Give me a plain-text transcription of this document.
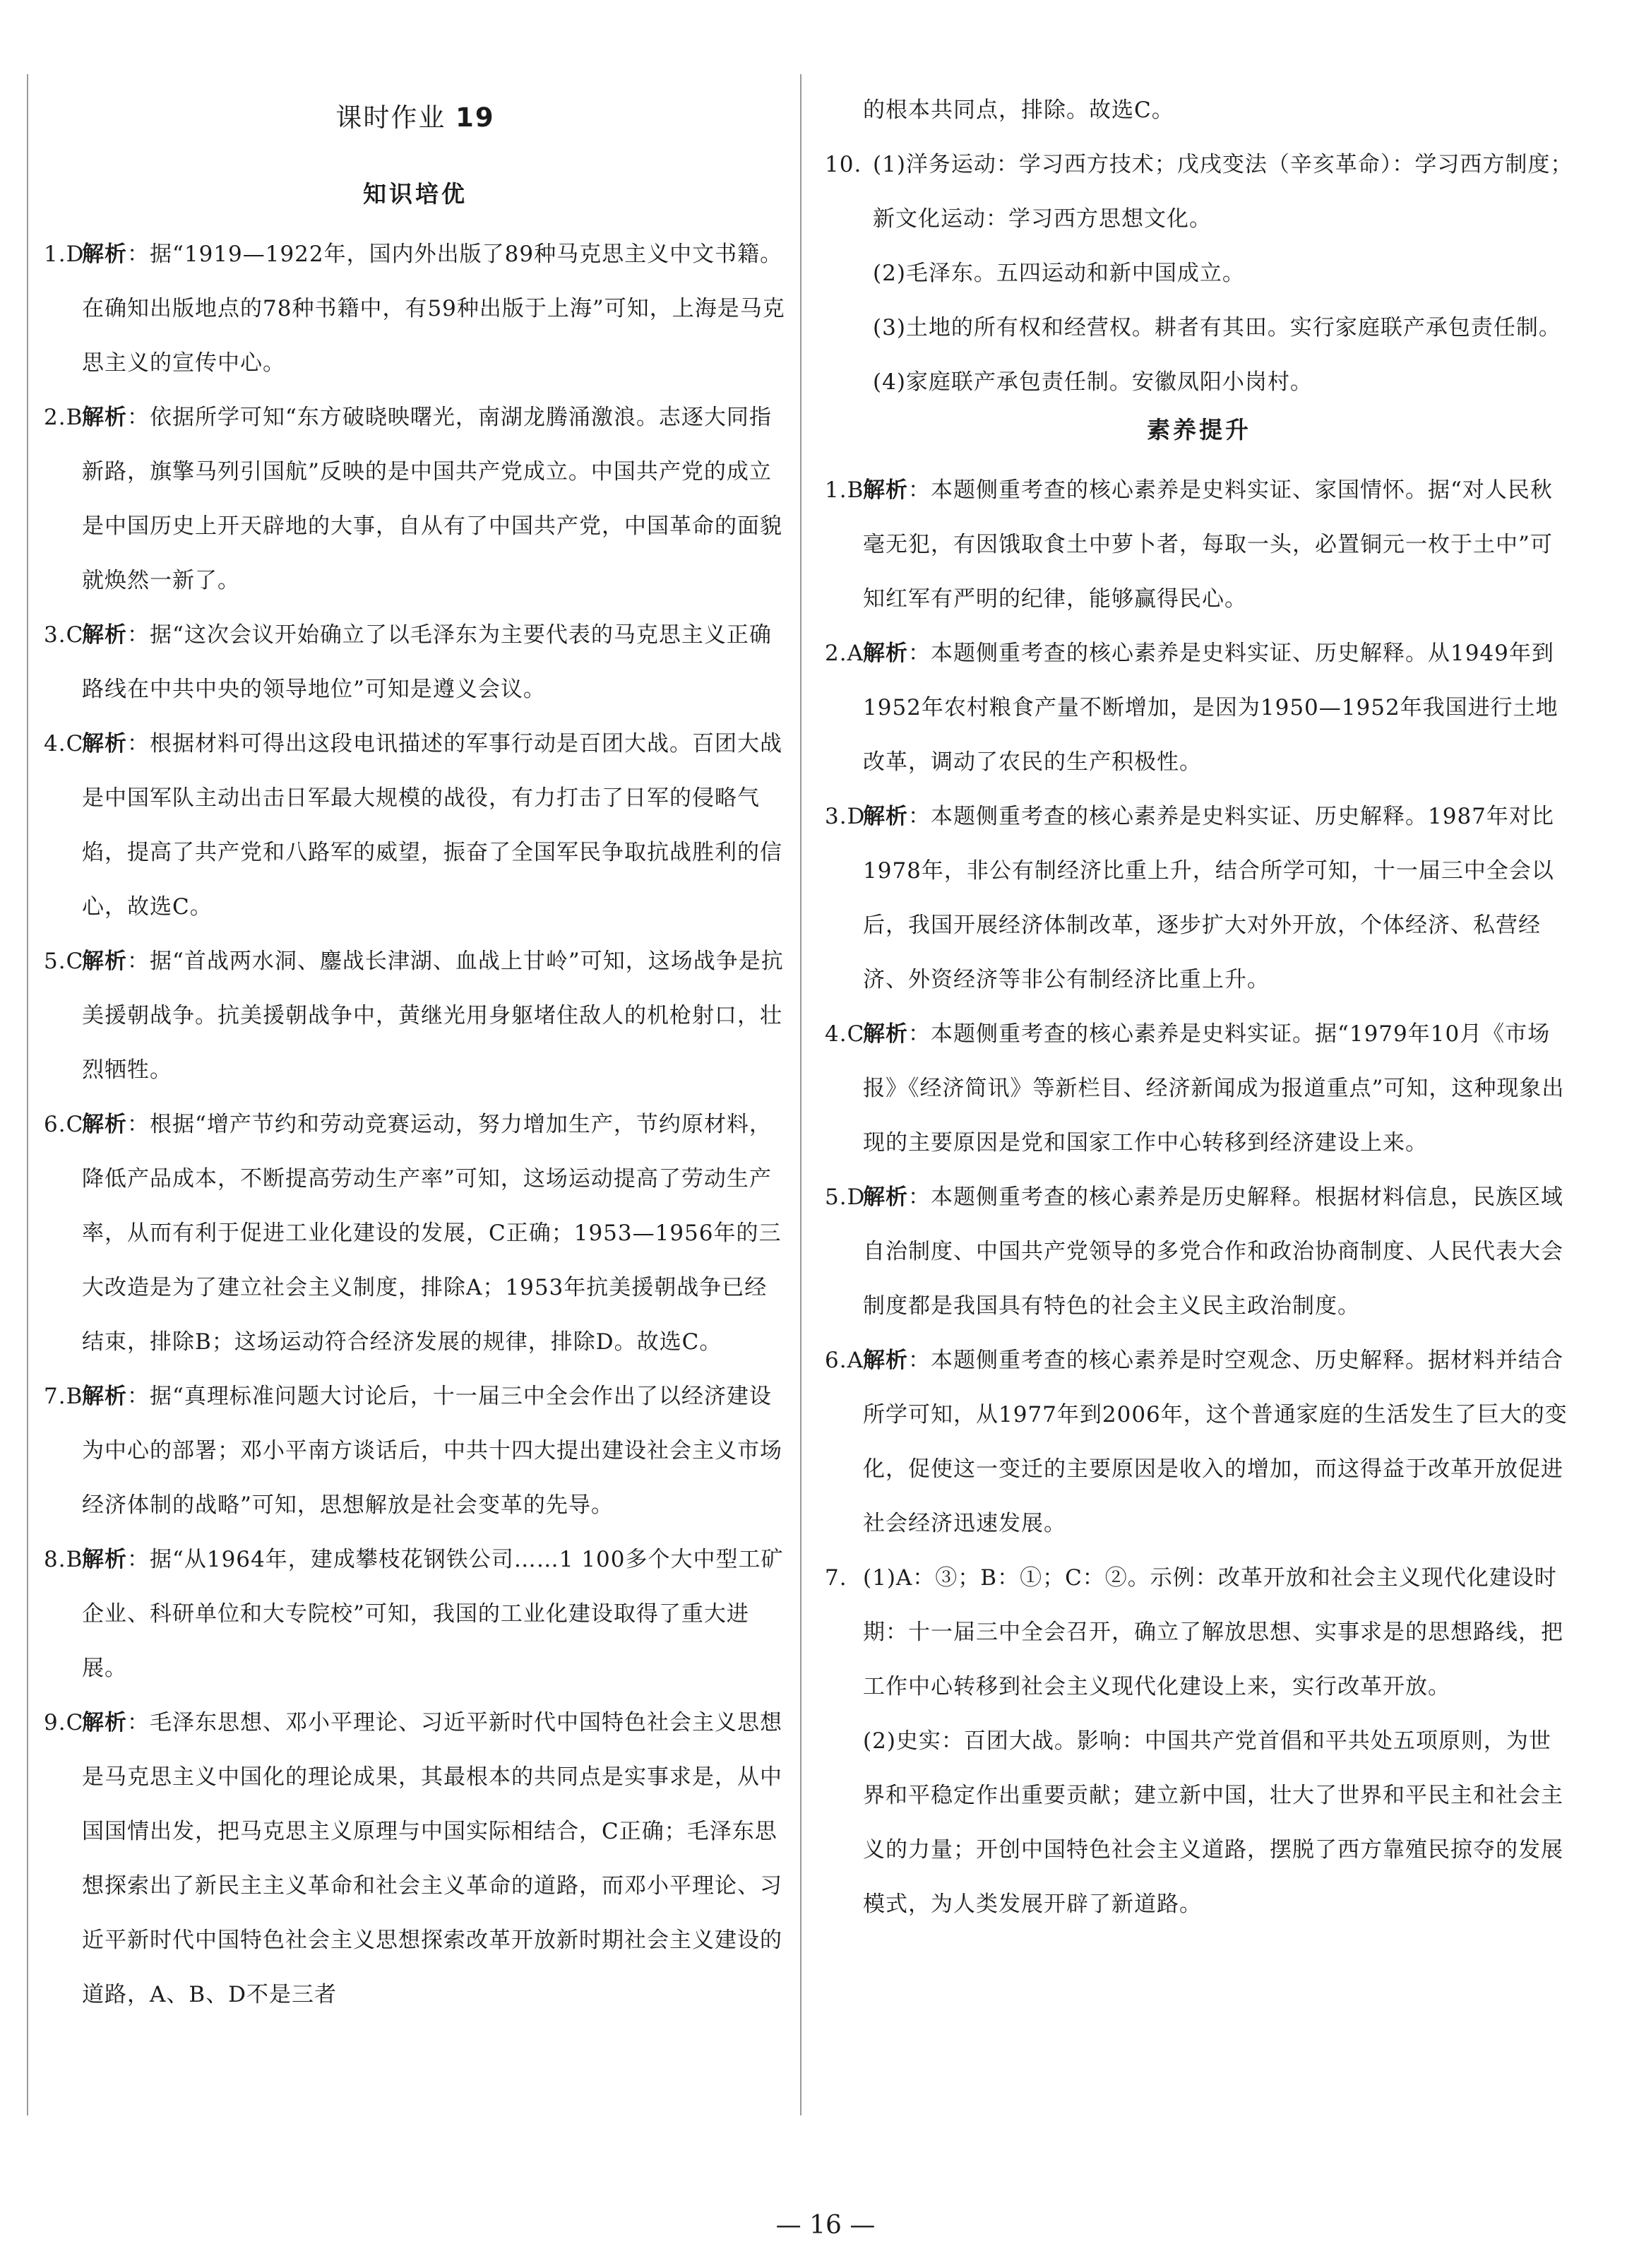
课时作业 19
知识培优

1.D
解析：据“1919—1922年，国内外出版了89种马克思主义中文书籍。在确知出版地点的78种书籍中，有59种出版于上海”可知，上海是马克思主义的宣传中心。

2.B
解析：依据所学可知“东方破晓映曙光，南湖龙腾涌激浪。志逐大同指新路，旗擎马列引国航”反映的是中国共产党成立。中国共产党的成立是中国历史上开天辟地的大事，自从有了中国共产党，中国革命的面貌就焕然一新了。

3.C
解析：据“这次会议开始确立了以毛泽东为主要代表的马克思主义正确路线在中共中央的领导地位”可知是遵义会议。

4.C
解析：根据材料可得出这段电讯描述的军事行动是百团大战。百团大战是中国军队主动出击日军最大规模的战役，有力打击了日军的侵略气焰，提高了共产党和八路军的威望，振奋了全国军民争取抗战胜利的信心，故选C。

5.C
解析：据“首战两水洞、鏖战长津湖、血战上甘岭”可知，这场战争是抗美援朝战争。抗美援朝战争中，黄继光用身躯堵住敌人的机枪射口，壮烈牺牲。

6.C
解析：根据“增产节约和劳动竞赛运动，努力增加生产，节约原材料，降低产品成本，不断提高劳动生产率”可知，这场运动提高了劳动生产率，从而有利于促进工业化建设的发展，C正确；1953—1956年的三大改造是为了建立社会主义制度，排除A；1953年抗美援朝战争已经结束，排除B；这场运动符合经济发展的规律，排除D。故选C。

7.B
解析：据“真理标准问题大讨论后，十一届三中全会作出了以经济建设为中心的部署；邓小平南方谈话后，中共十四大提出建设社会主义市场经济体制的战略”可知，思想解放是社会变革的先导。

8.B
解析：据“从1964年，建成攀枝花钢铁公司……1 100多个大中型工矿企业、科研单位和大专院校”可知，我国的工业化建设取得了重大进展。

9.C
解析：毛泽东思想、邓小平理论、习近平新时代中国特色社会主义思想是马克思主义中国化的理论成果，其最根本的共同点是实事求是，从中国国情出发，把马克思主义原理与中国实际相结合，C正确；毛泽东思想探索出了新民主主义革命和社会主义革命的道路，而邓小平理论、习近平新时代中国特色社会主义思想探索改革开放新时期社会主义建设的道路，A、B、D不是三者

的根本共同点，排除。故选C。

10. (1)洋务运动：学习西方技术；戊戌变法（辛亥革命）：学习西方制度；新文化运动：学习西方思想文化。

(2)毛泽东。五四运动和新中国成立。

(3)土地的所有权和经营权。耕者有其田。实行家庭联产承包责任制。

(4)家庭联产承包责任制。安徽凤阳小岗村。

素养提升

1.B
解析：本题侧重考查的核心素养是史料实证、家国情怀。据“对人民秋毫无犯，有因饿取食土中萝卜者，每取一头，必置铜元一枚于土中”可知红军有严明的纪律，能够赢得民心。

2.A 解析：本题侧重考查的核心素养是史料实证、历史解释。从1949年到1952年农村粮食产量不断增加，是因为1950—1952年我国进行土地改革，调动了农民的生产积极性。

3.D
解析：本题侧重考查的核心素养是史料实证、历史解释。1987年对比1978年，非公有制经济比重上升，结合所学可知，十一届三中全会以后，我国开展经济体制改革，逐步扩大对外开放，个体经济、私营经济、外资经济等非公有制经济比重上升。

4.C
解析：本题侧重考查的核心素养是史料实证。据“1979年10月《市场报》《经济简讯》等新栏目、经济新闻成为报道重点”可知，这种现象出现的主要原因是党和国家工作中心转移到经济建设上来。

5.D
解析：本题侧重考查的核心素养是历史解释。根据材料信息，民族区域自治制度、中国共产党领导的多党合作和政治协商制度、人民代表大会制度都是我国具有特色的社会主义民主政治制度。

6.A 解析：本题侧重考查的核心素养是时空观念、历史解释。据材料并结合所学可知，从1977年到2006年，这个普通家庭的生活发生了巨大的变化，促使这一变迁的主要原因是收入的增加，而这得益于改革开放促进社会经济迅速发展。

7. (1)A：③；B：①；C：②。示例：改革开放和社会主义现代化建设时期：十一届三中全会召开，确立了解放思想、实事求是的思想路线，把工作中心转移到社会主义现代化建设上来，实行改革开放。

(2)史实：百团大战。影响：中国共产党首倡和平共处五项原则，为世界和平稳定作出重要贡献；建立新中国，壮大了世界和平民主和社会主义的力量；开创中国特色社会主义道路，摆脱了西方靠殖民掠夺的发展模式，为人类发展开辟了新道路。

— 16 —
